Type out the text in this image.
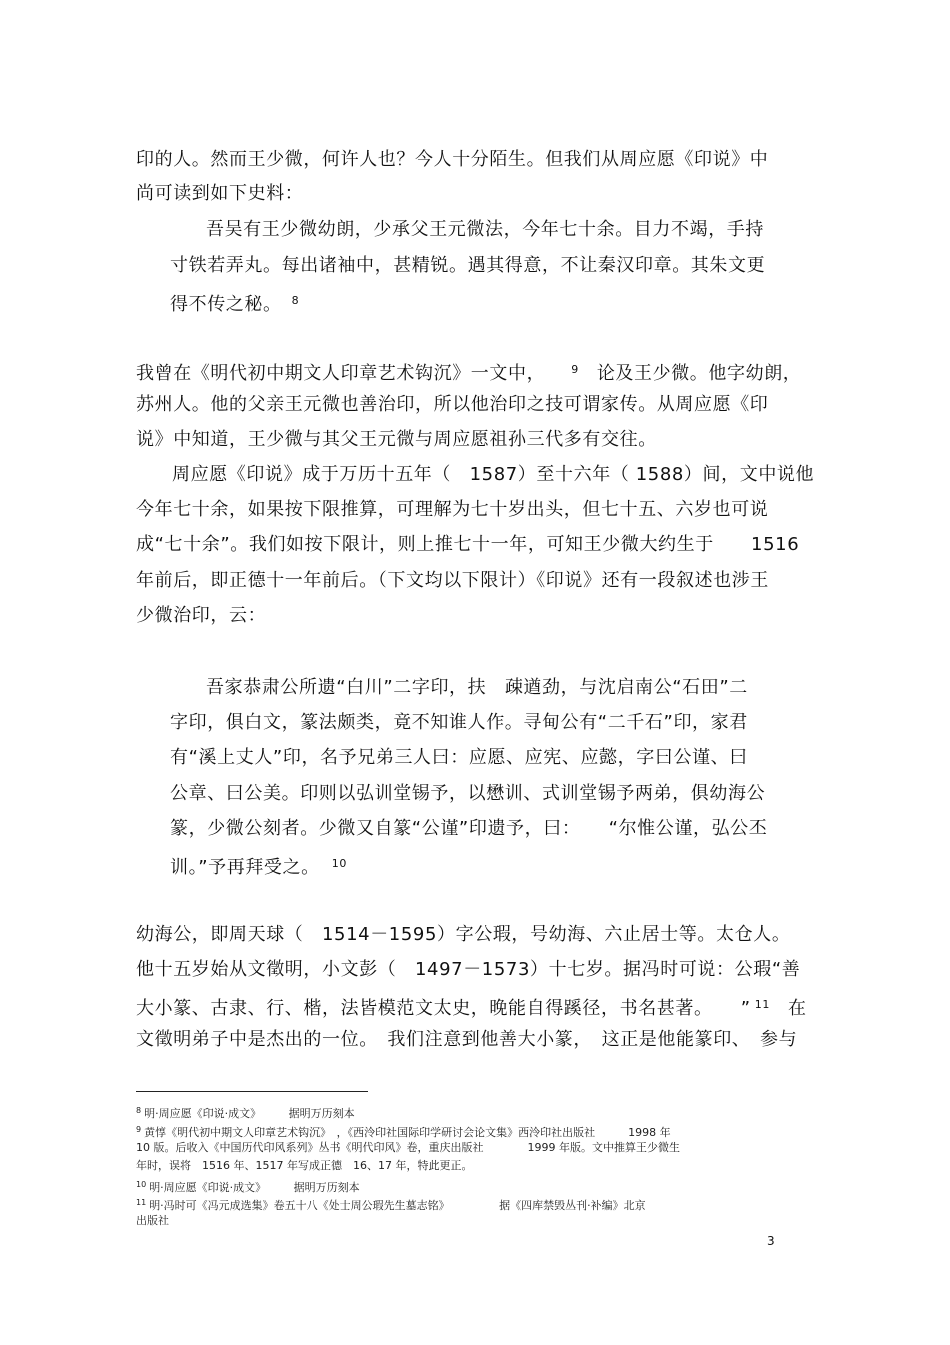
印的人。然而王少微，何许人也？今人十分陌生。但我们从周应愿《印说》中
尚可读到如下史料：
吾吴有王少微幼朗，少承父王元微法，今年七十余。目力不竭，手持
寸铁若弄丸。每出诸袖中，甚精锐。遇其得意，不让秦汉印章。其朱文更
得不传之秘。 $^8$
我曾在《明代初中期文人印章艺术钩沉》一文中， $^9$ 论及王少微。他字幼朗，
苏州人。他的父亲王元微也善治印，所以他治印之技可谓家传。从周应愿《印
说》中知道，王少微与其父王元微与周应愿祖孙三代多有交往。
周应愿《印说》成于万历十五年（　1587）至十六年（ 1588）间，文中说他
今年七十余，如果按下限推算，可理解为七十岁出头，但七十五、六岁也可说
成“七十余”。我们如按下限计，则上推七十一年，可知王少微大约生于　　1516
年前后，即正德十一年前后。（下文均以下限计）《印说》还有一段叙述也涉王
少微治印，云：
吾家恭肃公所遗“白川”二字印，扶　疎遒劲，与沈启南公“石田”二
字印，俱白文，篆法颇类，竟不知谁人作。寻甸公有“二千石”印，家君
有“溪上丈人”印，名予兄弟三人曰：应愿、应宪、应懿，字曰公谨、曰
公章、曰公美。印则以弘训堂锡予，以懋训、式训堂锡予两弟，俱幼海公
篆，少微公刻者。少微又自篆“公谨”印遗予，曰：　　“尔惟公谨，弘公丕
训。”予再拜受之。 $^{10}$
幼海公，即周天球（　1514－1595）字公瑕，号幼海、六止居士等。太仓人。
他十五岁始从文徵明，小文彭（　1497－1573）十七岁。据冯时可说：公瑕“善
大小篆、古隶、行、楷，法皆模范文太史，晚能自得蹊径，书名甚著。　　” $^{11}$ 在
文徵明弟子中是杰出的一位。　我们注意到他善大小篆，　这正是他能篆印、　参与
$^8$ 明·周应愿《印说·成文》　　　据明万历刻本
$^9$ 黄惇《明代初中期文人印章艺术钩沉》　，《西泠印社国际印学研讨会论文集》西泠印社出版社　　　1998 年
10 版。后收入《中国历代印风系列》丛书《明代印风》卷，重庆出版社　　　　1999 年版。文中推算王少微生
年时，误将　1516 年、1517 年写成正德　16、17 年，特此更正。
$^{10}$ 明·周应愿《印说·成文》　　　据明万历刻本
$^{11}$ 明·冯时可《冯元成选集》卷五十八《处士周公瑕先生墓志铭》　　　　　据《四库禁毁丛刊·补编》北京
出版社
3
